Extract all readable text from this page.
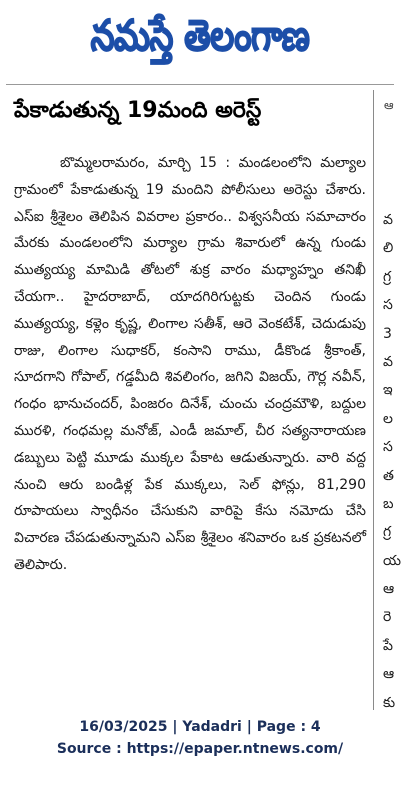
నమస్తే తెలంగాణ
పేకాడుతున్న 19మంది అరెస్ట్
బొమ్మలరామరం, మార్చి 15 : మండలంలోని మల్యాల గ్రామంలో పేకాడుతున్న 19 మందిని పోలీసులు అరెస్టు చేశారు. ఎస్ఐ శ్రీశైలం తెలిపిన వివరాల ప్రకారం.. విశ్వసనీయ సమాచారం మేరకు మండలంలోని మర్యాల గ్రామ శివారులో ఉన్న గుండు ముత్యయ్య మామిడి తోటలో శుక్ర వారం మధ్యాహ్నం తనిఖీ చేయగా.. హైదరాబాద్, యాదగిరిగుట్టకు చెందిన గుండు ముత్యయ్య, కళ్లెం కృష్ణ, లింగాల సతీశ్, ఆరె వెంకటేశ్, చెదుడుపు రాజు, లింగాల సుధాకర్, కంసాని రాము, డీకొండ శ్రీకాంత్, సూదగాని గోపాల్, గడ్డమీది శివలింగం, జగిని విజయ్, గౌర్ల నవీన్, గంధం భానుచందర్, పింజరం దినేశ్, చుంచు చంద్రమౌళి, బద్దుల మురళి, గంధమల్ల మనోజ్, ఎండీ జమాల్, చీర సత్యనారాయణ డబ్బులు పెట్టి మూడు ముక్కల పేకాట ఆడుతున్నారు. వారి వద్ద నుంచి ఆరు బండిళ్ల పేక ముక్కలు, సెల్ ఫోన్లు, 81,290 రూపాయలు స్వాధీనం చేసుకుని వారిపై కేసు నమోదు చేసి విచారణ చేపడుతున్నామని ఎస్ఐ శ్రీశైలం శనివారం ఒక ప్రకటనలో తెలిపారు.
ఆ
వ
లి
గ్ర
స
3
వ
ఇ
ల
స
త
బ
గ్ర
య
ఆ
రె
పే
ఆ
కు
16/03/2025 | Yadadri | Page : 4
Source : https://epaper.ntnews.com/
